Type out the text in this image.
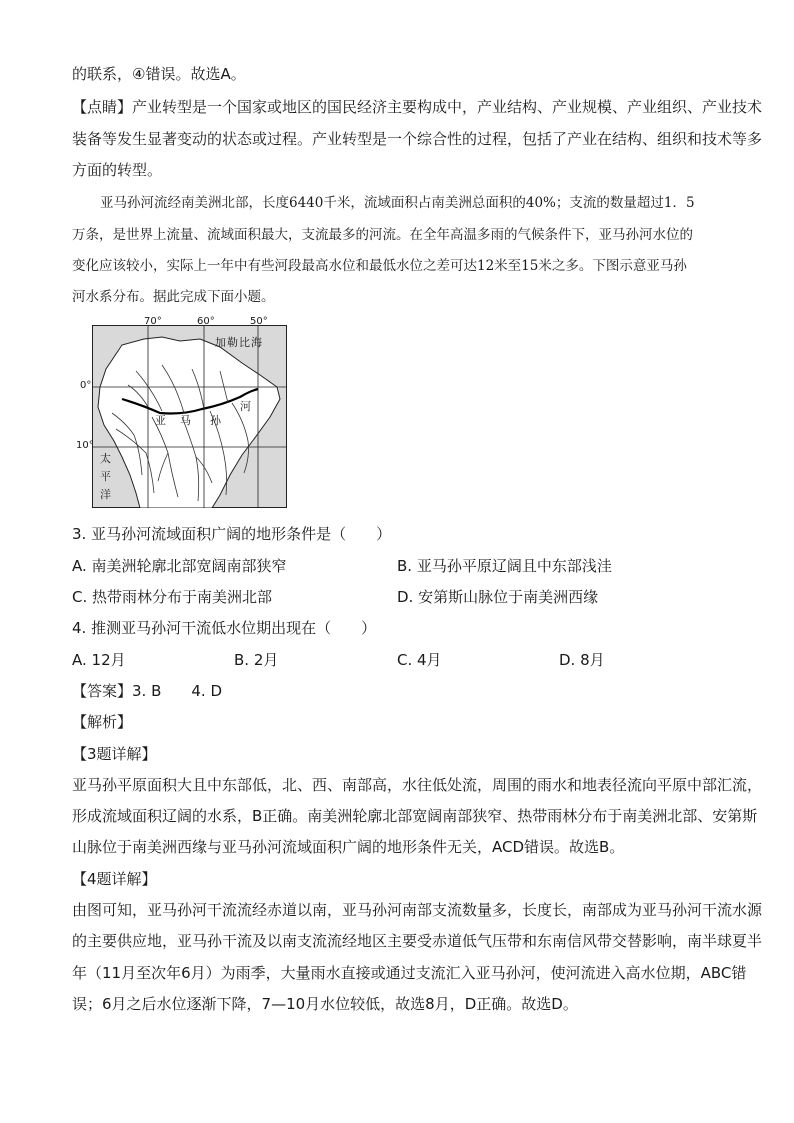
的联系，④错误。故选A。
【点睛】产业转型是一个国家或地区的国民经济主要构成中，产业结构、产业规模、产业组织、产业技术
装备等发生显著变动的状态或过程。产业转型是一个综合性的过程，包括了产业在结构、组织和技术等多
方面的转型。
亚马孙河流经南美洲北部，长度6440千米，流域面积占南美洲总面积的40%；支流的数量超过1．5
万条，是世界上流量、流域面积最大，支流最多的河流。在全年高温多雨的气候条件下，亚马孙河水位的
变化应该较小，实际上一年中有些河段最高水位和最低水位之差可达12米至15米之多。下图示意亚马孙
河水系分布。据此完成下面小题。
70°	60°	50°
0°
10°
加勒比海
亚 马 孙
河
太
平
洋
3. 亚马孙河流域面积广阔的地形条件是（　　）
A. 南美洲轮廓北部宽阔南部狭窄	B. 亚马孙平原辽阔且中东部浅洼
C. 热带雨林分布于南美洲北部	D. 安第斯山脉位于南美洲西缘
4. 推测亚马孙河干流低水位期出现在（　　）
A. 12月	B. 2月	C. 4月	D. 8月
【答案】3. B　　4. D
【解析】
【3题详解】
亚马孙平原面积大且中东部低，北、西、南部高，水往低处流，周围的雨水和地表径流向平原中部汇流，
形成流域面积辽阔的水系，B正确。南美洲轮廓北部宽阔南部狭窄、热带雨林分布于南美洲北部、安第斯
山脉位于南美洲西缘与亚马孙河流域面积广阔的地形条件无关，ACD错误。故选B。
【4题详解】
由图可知，亚马孙河干流流经赤道以南，亚马孙河南部支流数量多，长度长，南部成为亚马孙河干流水源
的主要供应地，亚马孙干流及以南支流流经地区主要受赤道低气压带和东南信风带交替影响，南半球夏半
年（11月至次年6月）为雨季，大量雨水直接或通过支流汇入亚马孙河，使河流进入高水位期，ABC错
误；6月之后水位逐渐下降，7—10月水位较低，故选8月，D正确。故选D。
